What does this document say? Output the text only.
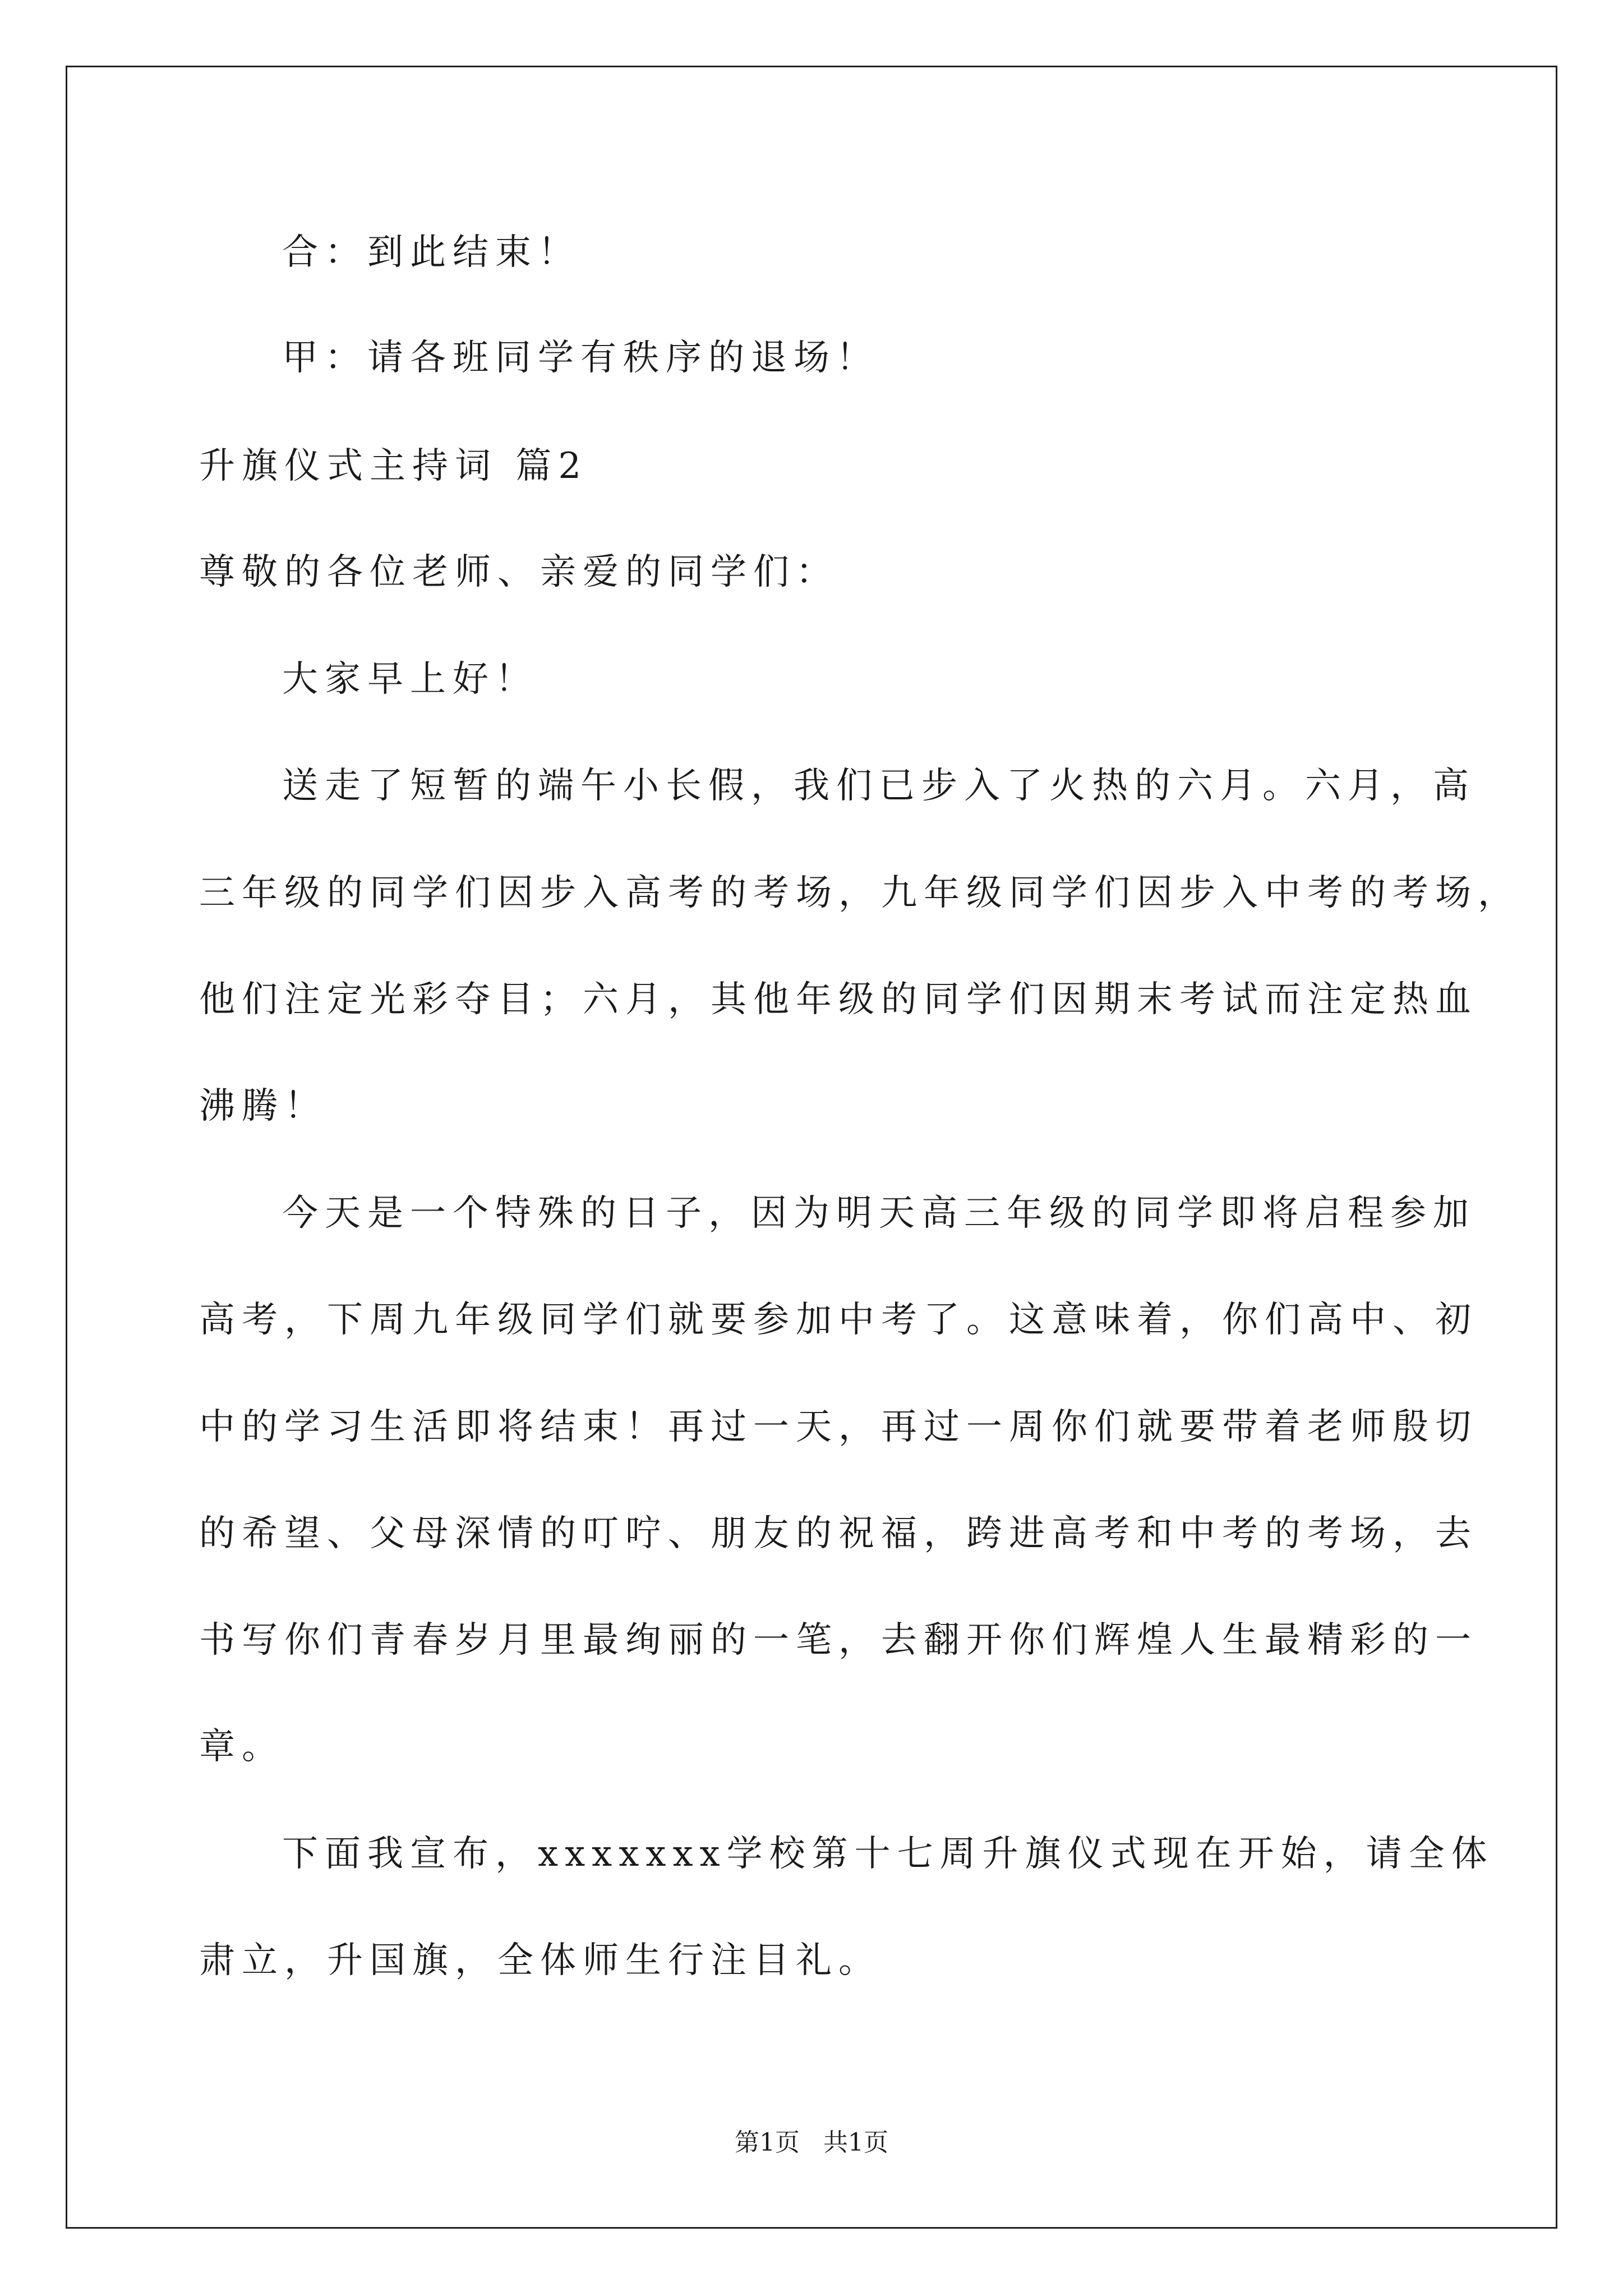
合：到此结束！
甲：请各班同学有秩序的退场！
升旗仪式主持词 篇2
尊敬的各位老师、亲爱的同学们：
大家早上好！
送走了短暂的端午小长假，我们已步入了火热的六月。六月，高
三年级的同学们因步入高考的考场，九年级同学们因步入中考的考场，
他们注定光彩夺目；六月，其他年级的同学们因期末考试而注定热血
沸腾！
今天是一个特殊的日子，因为明天高三年级的同学即将启程参加
高考，下周九年级同学们就要参加中考了。这意味着，你们高中、初
中的学习生活即将结束！再过一天，再过一周你们就要带着老师殷切
的希望、父母深情的叮咛、朋友的祝福，跨进高考和中考的考场，去
书写你们青春岁月里最绚丽的一笔，去翻开你们辉煌人生最精彩的一
章。
下面我宣布，xxxxxxx学校第十七周升旗仪式现在开始，请全体
肃立，升国旗，全体师生行注目礼。
第1页   共1页
